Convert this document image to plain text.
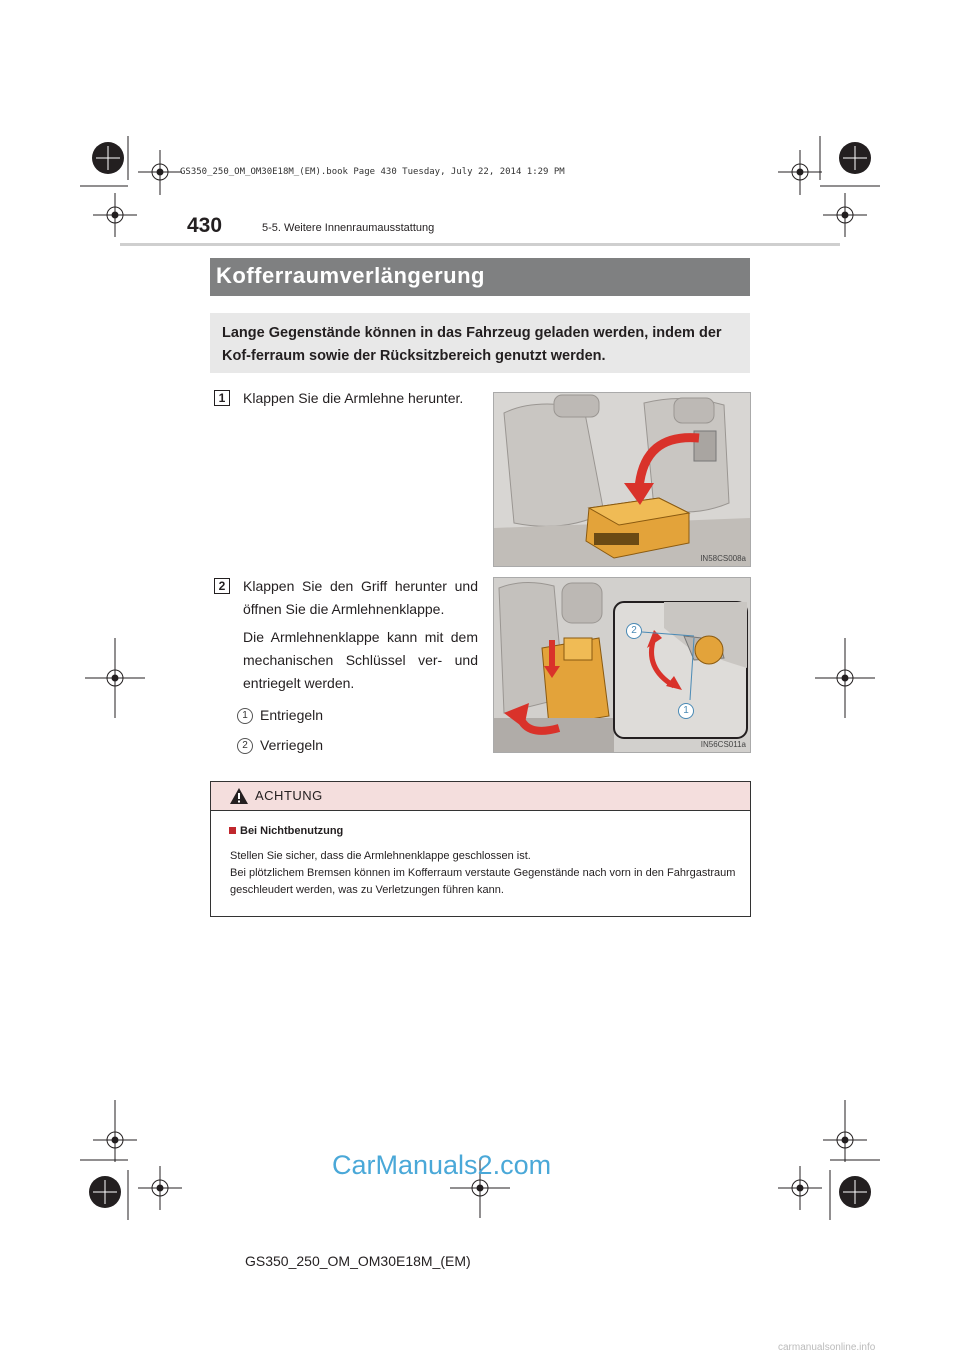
GS350_250_OM_OM30E18M_(EM).book Page 430 Tuesday, July 22, 2014 1:29 PM
430	5-5. Weitere Innenraumausstattung
Kofferraumverlängerung

Lange Gegenstände können in das Fahrzeug geladen werden, indem der Kof-ferraum sowie der Rücksitzbereich genutzt werden.

1	Klappen Sie die Armlehne herunter.
IN58CS008a
2	Klappen Sie den Griff herunter und öffnen Sie die Armlehnenklappe.
Die Armlehnenklappe kann mit dem mechanischen Schlüssel ver- und entriegelt werden.
1 Entriegeln
2 Verriegeln
2
1
IN56CS011a
ACHTUNG
Bei Nichtbenutzung
Stellen Sie sicher, dass die Armlehnenklappe geschlossen ist.
Bei plötzlichem Bremsen können im Kofferraum verstaute Gegenstände nach vorn in den Fahrgastraum geschleudert werden, was zu Verletzungen führen kann.
CarManuals2.com
GS350_250_OM_OM30E18M_(EM)
carmanualsonline.info
